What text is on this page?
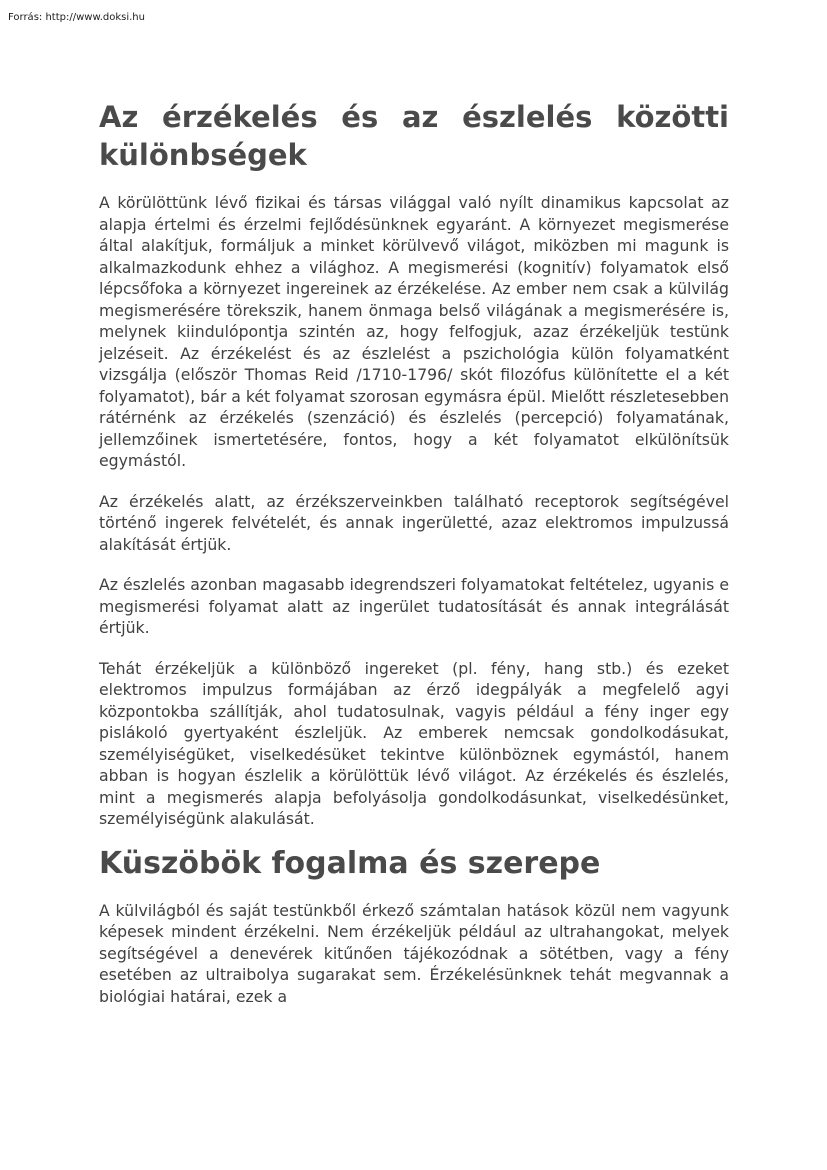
Forrás: http://www.doksi.hu
Az érzékelés és az észlelés közötti különbségek

A körülöttünk lévő fizikai és társas világgal való nyílt dinamikus kapcsolat az alapja értelmi és érzelmi fejlődésünknek egyaránt. A környezet megismerése által alakítjuk, formáljuk a minket körülvevő világot, miközben mi magunk is alkalmazkodunk ehhez a világhoz. A megismerési (kognitív) folyamatok első lépcsőfoka a környezet ingereinek az érzékelése. Az ember nem csak a külvilág megismerésére törekszik, hanem önmaga belső világának a megismerésére is, melynek kiindulópontja szintén az, hogy felfogjuk, azaz érzékeljük testünk jelzéseit. Az érzékelést és az észlelést a pszichológia külön folyamatként vizsgálja (először Thomas Reid /1710-1796/ skót filozófus különítette el a két folyamatot), bár a két folyamat szorosan egymásra épül. Mielőtt részletesebben rátérnénk az érzékelés (szenzáció) és észlelés (percepció) folyamatának, jellemzőinek ismertetésére, fontos, hogy a két folyamatot elkülönítsük egymástól.

Az érzékelés alatt, az érzékszerveinkben található receptorok segítségével történő ingerek felvételét, és annak ingerületté, azaz elektromos impulzussá alakítását értjük.

Az észlelés azonban magasabb idegrendszeri folyamatokat feltételez, ugyanis e megismerési folyamat alatt az ingerület tudatosítását és annak integrálását értjük.

Tehát érzékeljük a különböző ingereket (pl. fény, hang stb.) és ezeket elektromos impulzus formájában az érző idegpályák a megfelelő agyi központokba szállítják, ahol tudatosulnak, vagyis például a fény inger egy pislákoló gyertyaként észleljük. Az emberek nemcsak gondolkodásukat, személyiségüket, viselkedésüket tekintve különböznek egymástól, hanem abban is hogyan észlelik a körülöttük lévő világot. Az érzékelés és észlelés, mint a megismerés alapja befolyásolja gondolkodásunkat, viselkedésünket, személyiségünk alakulását.

Küszöbök fogalma és szerepe

A külvilágból és saját testünkből érkező számtalan hatások közül nem vagyunk képesek mindent érzékelni. Nem érzékeljük például az ultrahangokat, melyek segítségével a denevérek kitűnően tájékozódnak a sötétben, vagy a fény esetében az ultraibolya sugarakat sem. Érzékelésünknek tehát megvannak a biológiai határai, ezek a
